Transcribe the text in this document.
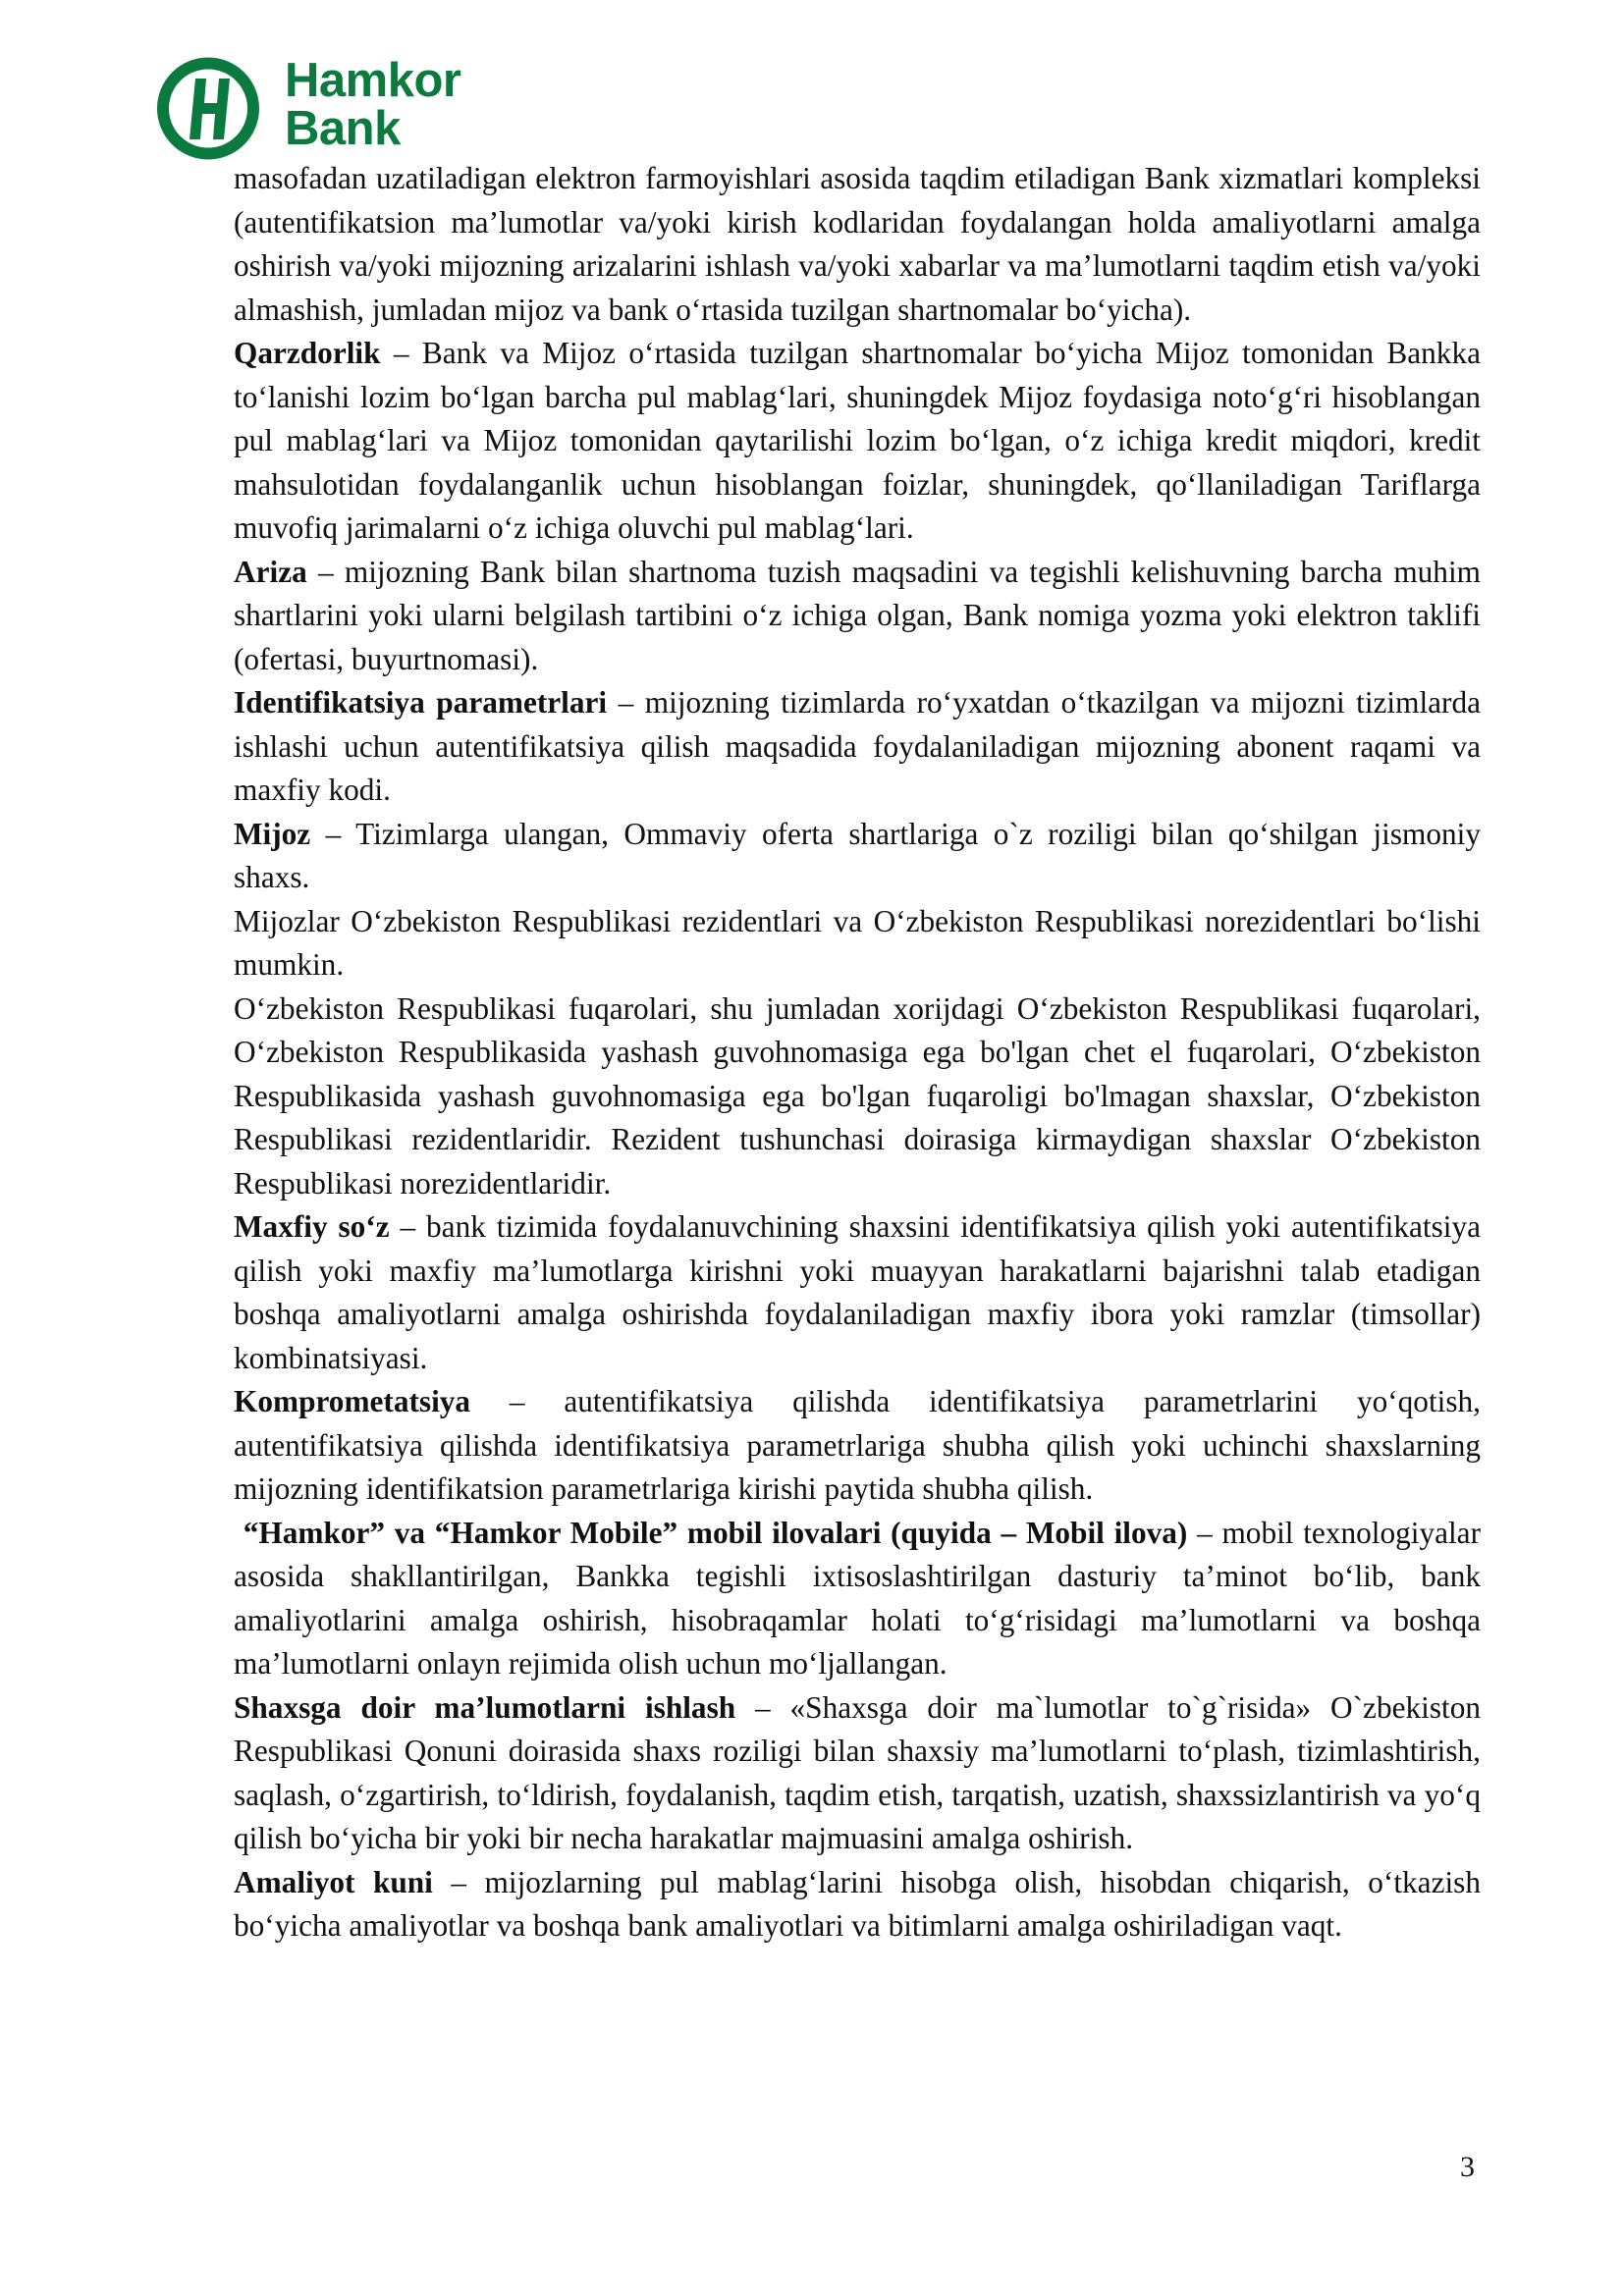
Hamkor
Bank

masofadan uzatiladigan elektron farmoyishlari asosida taqdim etiladigan Bank xizmatlari kompleksi (autentifikatsion ma’lumotlar va/yoki kirish kodlaridan foydalangan holda amaliyotlarni amalga oshirish va/yoki mijozning arizalarini ishlash va/yoki xabarlar va ma’lumotlarni taqdim etish va/yoki almashish, jumladan mijoz va bank o‘rtasida tuzilgan shartnomalar bo‘yicha).

Qarzdorlik – Bank va Mijoz o‘rtasida tuzilgan shartnomalar bo‘yicha Mijoz tomonidan Bankka to‘lanishi lozim bo‘lgan barcha pul mablag‘lari, shuningdek Mijoz foydasiga noto‘g‘ri hisoblangan pul mablag‘lari va Mijoz tomonidan qaytarilishi lozim bo‘lgan, o‘z ichiga kredit miqdori, kredit mahsulotidan foydalanganlik uchun hisoblangan foizlar, shuningdek, qo‘llaniladigan Tariflarga muvofiq jarimalarni o‘z ichiga oluvchi pul mablag‘lari.

Ariza – mijozning Bank bilan shartnoma tuzish maqsadini va tegishli kelishuvning barcha muhim shartlarini yoki ularni belgilash tartibini o‘z ichiga olgan, Bank nomiga yozma yoki elektron taklifi (ofertasi, buyurtnomasi).

Identifikatsiya parametrlari – mijozning tizimlarda ro‘yxatdan o‘tkazilgan va mijozni tizimlarda ishlashi uchun autentifikatsiya qilish maqsadida foydalaniladigan mijozning abonent raqami va maxfiy kodi.

Mijoz – Tizimlarga ulangan, Ommaviy oferta shartlariga o`z roziligi bilan qo‘shilgan jismoniy shaxs.

Mijozlar O‘zbekiston Respublikasi rezidentlari va O‘zbekiston Respublikasi norezidentlari bo‘lishi mumkin.

O‘zbekiston Respublikasi fuqarolari, shu jumladan xorijdagi O‘zbekiston Respublikasi fuqarolari, O‘zbekiston Respublikasida yashash guvohnomasiga ega bo'lgan chet el fuqarolari, O‘zbekiston Respublikasida yashash guvohnomasiga ega bo'lgan fuqaroligi bo'lmagan shaxslar, O‘zbekiston Respublikasi rezidentlaridir. Rezident tushunchasi doirasiga kirmaydigan shaxslar O‘zbekiston Respublikasi norezidentlaridir.

Maxfiy so‘z – bank tizimida foydalanuvchining shaxsini identifikatsiya qilish yoki autentifikatsiya qilish yoki maxfiy ma’lumotlarga kirishni yoki muayyan harakatlarni bajarishni talab etadigan boshqa amaliyotlarni amalga oshirishda foydalaniladigan maxfiy ibora yoki ramzlar (timsollar) kombinatsiyasi.

Komprometatsiya – autentifikatsiya qilishda identifikatsiya parametrlarini yo‘qotish, autentifikatsiya qilishda identifikatsiya parametrlariga shubha qilish yoki uchinchi shaxslarning mijozning identifikatsion parametrlariga kirishi paytida shubha qilish.

“Hamkor” va “Hamkor Mobile” mobil ilovalari (quyida – Mobil ilova) – mobil texnologiyalar asosida shakllantirilgan, Bankka tegishli ixtisoslashtirilgan dasturiy ta’minot bo‘lib, bank amaliyotlarini amalga oshirish, hisobraqamlar holati to‘g‘risidagi ma’lumotlarni va boshqa ma’lumotlarni onlayn rejimida olish uchun mo‘ljallangan.

Shaxsga doir ma’lumotlarni ishlash – «Shaxsga doir ma`lumotlar to`g`risida» O`zbekiston Respublikasi Qonuni doirasida shaxs roziligi bilan shaxsiy ma’lumotlarni to‘plash, tizimlashtirish, saqlash, o‘zgartirish, to‘ldirish, foydalanish, taqdim etish, tarqatish, uzatish, shaxssizlantirish va yo‘q qilish bo‘yicha bir yoki bir necha harakatlar majmuasini amalga oshirish.

Amaliyot kuni – mijozlarning pul mablag‘larini hisobga olish, hisobdan chiqarish, o‘tkazish bo‘yicha amaliyotlar va boshqa bank amaliyotlari va bitimlarni amalga oshiriladigan vaqt.

3
